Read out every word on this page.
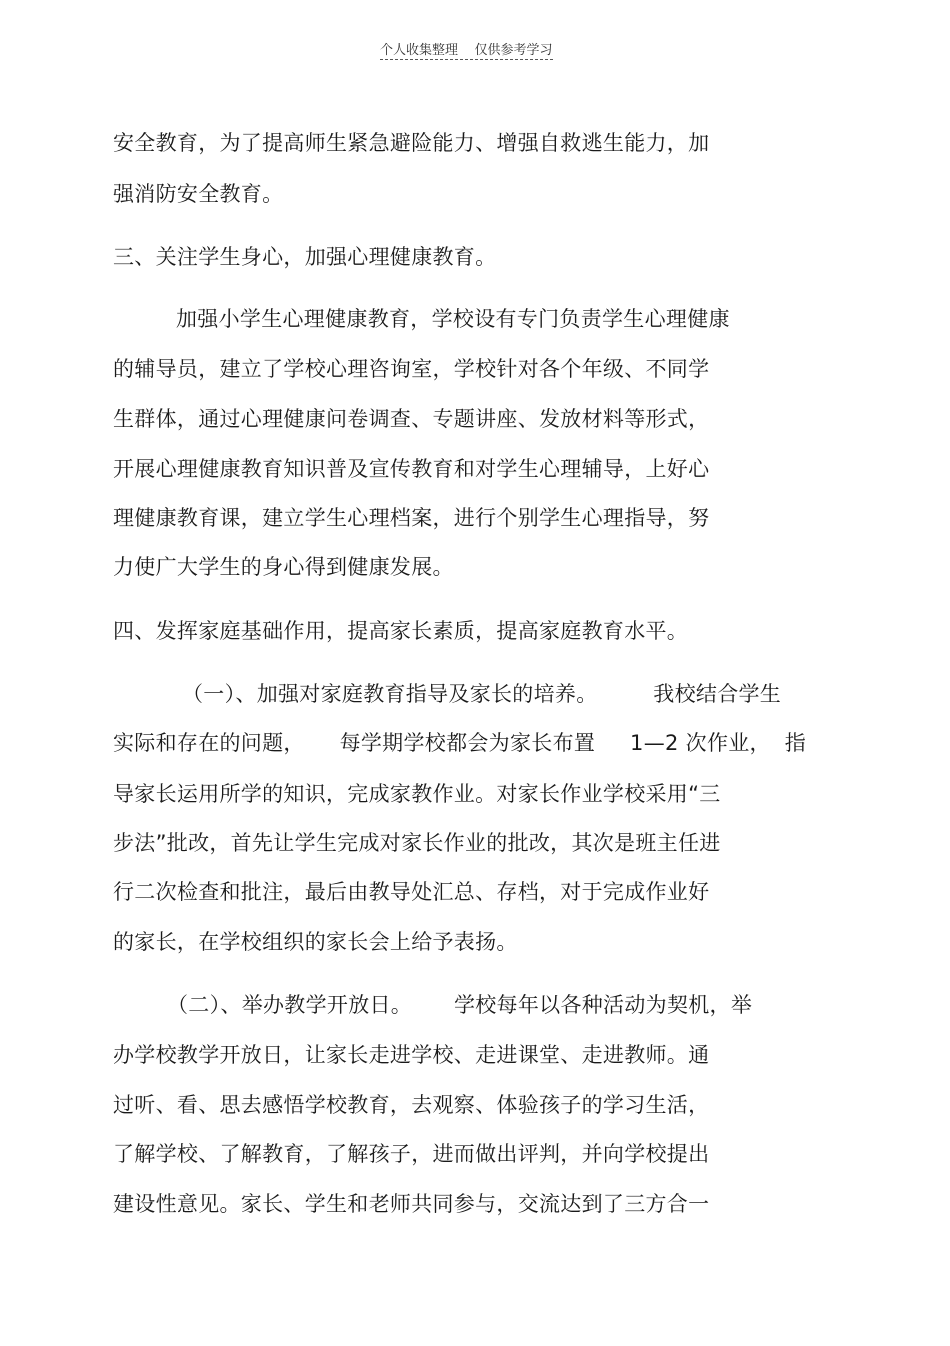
个人收集整理    仅供参考学习
安全教育，为了提高师生紧急避险能力、增强自救逃生能力，加
强消防安全教育。
三、关注学生身心，加强心理健康教育。
加强小学生心理健康教育，学校设有专门负责学生心理健康
的辅导员，建立了学校心理咨询室，学校针对各个年级、不同学
生群体，通过心理健康问卷调查、专题讲座、发放材料等形式，
开展心理健康教育知识普及宣传教育和对学生心理辅导，上好心
理健康教育课，建立学生心理档案，进行个别学生心理指导，努
力使广大学生的身心得到健康发展。
四、发挥家庭基础作用，提高家长素质，提高家庭教育水平。
（一）、加强对家庭教育指导及家长的培养。        我校结合学生
实际和存在的问题，     每学期学校都会为家长布置     1—2 次作业，  指
导家长运用所学的知识，完成家教作业。对家长作业学校采用“三
步法”批改，首先让学生完成对家长作业的批改，其次是班主任进
行二次检查和批注，最后由教导处汇总、存档，对于完成作业好
的家长，在学校组织的家长会上给予表扬。
（二）、举办教学开放日。      学校每年以各种活动为契机，举
办学校教学开放日，让家长走进学校、走进课堂、走进教师。通
过听、看、思去感悟学校教育，去观察、体验孩子的学习生活，
了解学校、了解教育，了解孩子，进而做出评判，并向学校提出
建设性意见。家长、学生和老师共同参与，交流达到了三方合一
